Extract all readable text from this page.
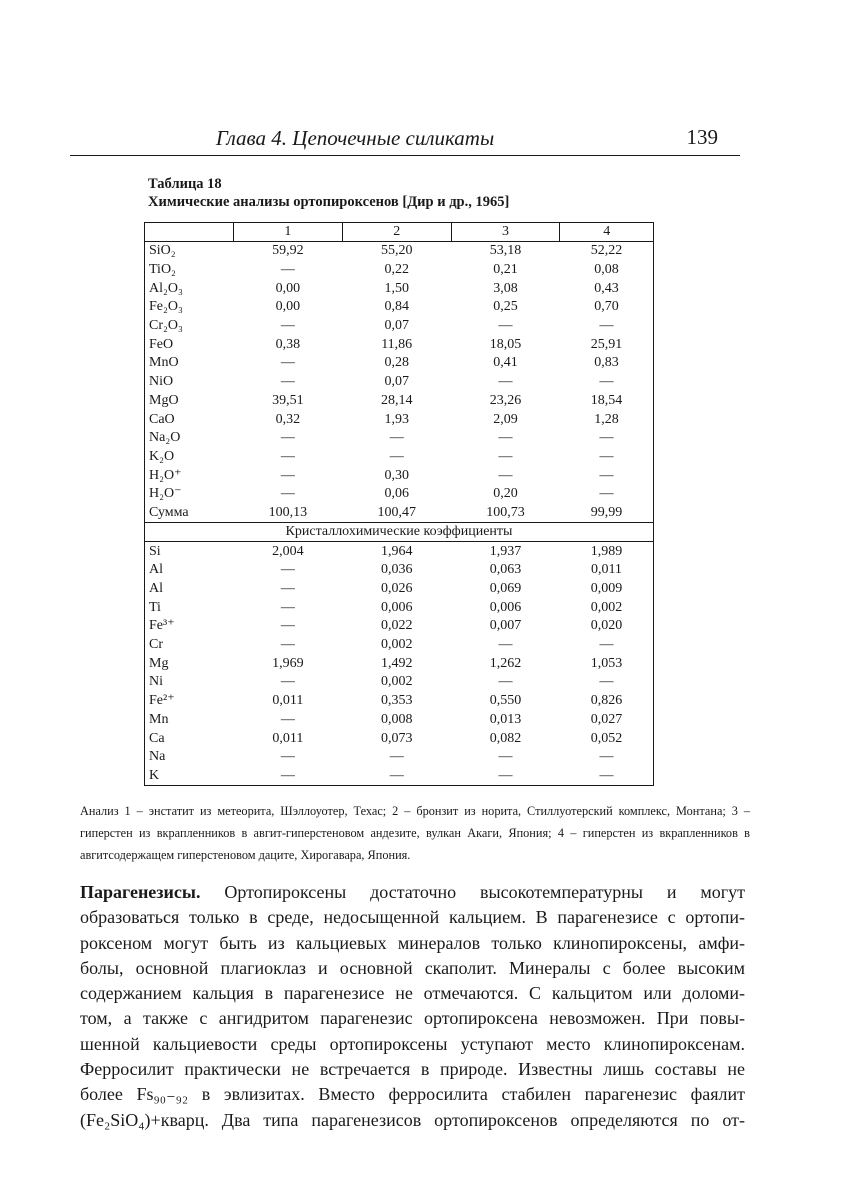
Глава 4. Цепочечные силикаты	139
Таблица 18
Химические анализы ортопироксенов [Дир и др., 1965]
	1	2	3	4
SiO₂	59,92	55,20	53,18	52,22
TiO₂	—	0,22	0,21	0,08
Al₂O₃	0,00	1,50	3,08	0,43
Fe₂O₃	0,00	0,84	0,25	0,70
Cr₂O₃	—	0,07	—	—
FeO	0,38	11,86	18,05	25,91
MnO	—	0,28	0,41	0,83
NiO	—	0,07	—	—
MgO	39,51	28,14	23,26	18,54
CaO	0,32	1,93	2,09	1,28
Na₂O	—	—	—	—
K₂O	—	—	—	—
H₂O⁺	—	0,30	—	—
H₂O⁻	—	0,06	0,20	—
Сумма	100,13	100,47	100,73	99,99
Кристаллохимические коэффициенты				
Si	2,004	1,964	1,937	1,989
Al	—	0,036	0,063	0,011
Al	—	0,026	0,069	0,009
Ti	—	0,006	0,006	0,002
Fe³⁺	—	0,022	0,007	0,020
Cr	—	0,002	—	—
Mg	1,969	1,492	1,262	1,053
Ni	—	0,002	—	—
Fe²⁺	0,011	0,353	0,550	0,826
Mn	—	0,008	0,013	0,027
Ca	0,011	0,073	0,082	0,052
Na	—	—	—	—
K	—	—	—	—
Анализ 1 – энстатит из метеорита, Шэллоуотер, Техас; 2 – бронзит из норита, Стиллуотерский комплекс, Монтана; 3 – гиперстен из вкрапленников в авгит-гиперстеновом андезите, вулкан Акаги, Япония; 4 – гиперстен из вкрапленников в авгитсодержащем гиперстеновом даците, Хирогавара, Япония.
Парагенезисы. Ортопироксены достаточно высокотемпературны и могут
образоваться только в среде, недосыщенной кальцием. В парагенезисе с ортопи-
роксеном могут быть из кальциевых минералов только клинопироксены, амфи-
болы, основной плагиоклаз и основной скаполит. Минералы с более высоким
содержанием кальция в парагенезисе не отмечаются. С кальцитом или доломи-
том, а также с ангидритом парагенезис ортопироксена невозможен. При повы-
шенной кальциевости среды ортопироксены уступают место клинопироксенам.
Ферросилит практически не встречается в природе. Известны лишь составы не
более Fs₉₀₋₉₂ в эвлизитах. Вместо ферросилита стабилен парагенезис фаялит
(Fe₂SiO₄)+кварц. Два типа парагенезисов ортопироксенов определяются по от-
